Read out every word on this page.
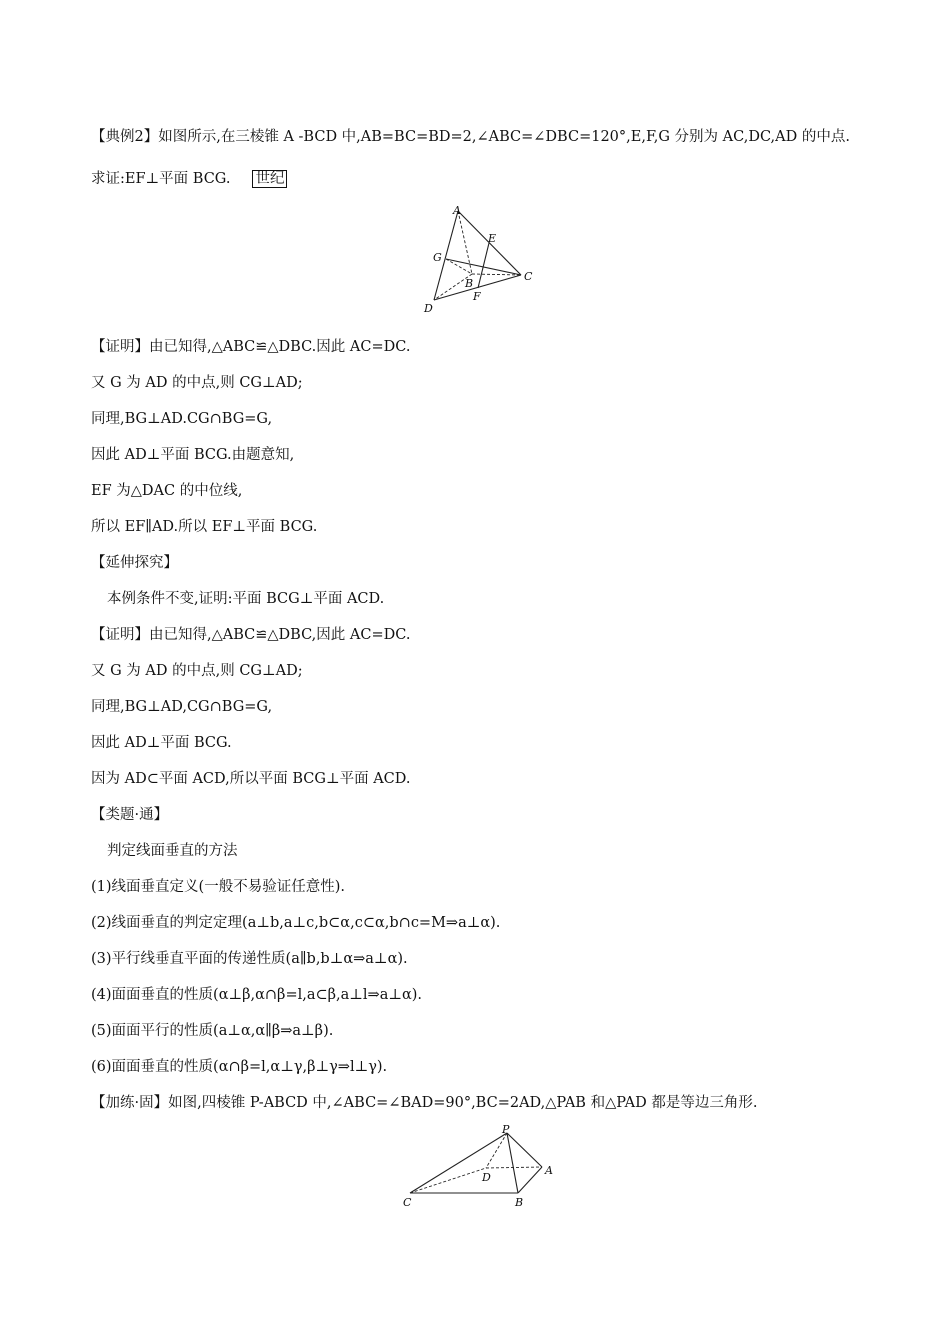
【典例2】如图所示,在三棱锥 A -BCD 中,AB=BC=BD=2,∠ABC=∠DBC=120°,E,F,G 分别为 AC,DC,AD 的中点.
求证:EF⊥平面 BCG. 世纪
A
E
G
C
B
F
D
【证明】由已知得,△ABC≌△DBC.因此 AC=DC.
又 G 为 AD 的中点,则 CG⊥AD;
同理,BG⊥AD.CG∩BG=G,
因此 AD⊥平面 BCG.由题意知,
EF 为△DAC 的中位线,
所以 EF∥AD.所以 EF⊥平面 BCG.
【延伸探究】
本例条件不变,证明:平面 BCG⊥平面 ACD.
【证明】由已知得,△ABC≌△DBC,因此 AC=DC.
又 G 为 AD 的中点,则 CG⊥AD;
同理,BG⊥AD,CG∩BG=G,
因此 AD⊥平面 BCG.
因为 AD⊂平面 ACD,所以平面 BCG⊥平面 ACD.
【类题·通】
判定线面垂直的方法
(1)线面垂直定义(一般不易验证任意性).
(2)线面垂直的判定定理(a⊥b,a⊥c,b⊂α,c⊂α,b∩c=M⇒a⊥α).
(3)平行线垂直平面的传递性质(a∥b,b⊥α⇒a⊥α).
(4)面面垂直的性质(α⊥β,α∩β=l,a⊂β,a⊥l⇒a⊥α).
(5)面面平行的性质(a⊥α,α∥β⇒a⊥β).
(6)面面垂直的性质(α∩β=l,α⊥γ,β⊥γ⇒l⊥γ).
【加练·固】如图,四棱锥 P-ABCD 中,∠ABC=∠BAD=90°,BC=2AD,△PAB 和△PAD 都是等边三角形.
P
A
D
C	B
